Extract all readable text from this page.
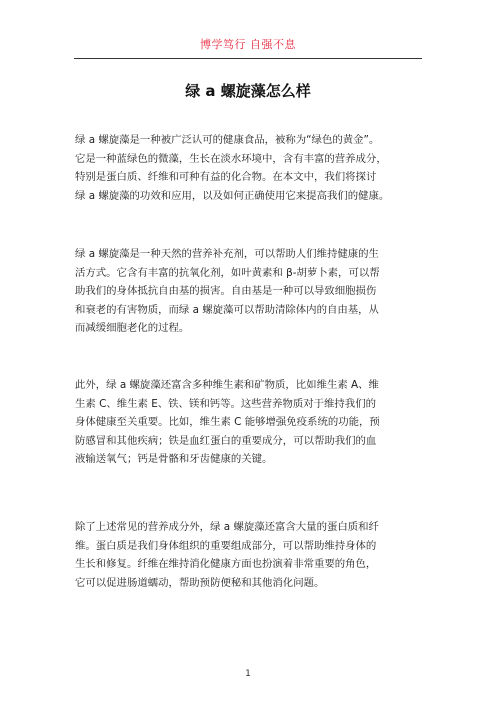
博学笃行 自强不息
绿 a 螺旋藻怎么样
绿 a 螺旋藻是一种被广泛认可的健康食品，被称为“绿色的黄金”。
它是一种蓝绿色的微藻，生长在淡水环境中，含有丰富的营养成分，
特别是蛋白质、纤维和可种有益的化合物。在本文中，我们将探讨
绿 a 螺旋藻的功效和应用，以及如何正确使用它来提高我们的健康。
绿 a 螺旋藻是一种天然的营养补充剂，可以帮助人们维持健康的生
活方式。它含有丰富的抗氧化剂，如叶黄素和 β-胡萝卜素，可以帮
助我们的身体抵抗自由基的损害。自由基是一种可以导致细胞损伤
和衰老的有害物质，而绿 a 螺旋藻可以帮助清除体内的自由基，从
而减缓细胞老化的过程。
此外，绿 a 螺旋藻还富含多种维生素和矿物质，比如维生素 A、维
生素 C、维生素 E、铁、镁和钙等。这些营养物质对于维持我们的
身体健康至关重要。比如，维生素 C 能够增强免疫系统的功能，预
防感冒和其他疾病；铁是血红蛋白的重要成分，可以帮助我们的血
液输送氧气；钙是骨骼和牙齿健康的关键。
除了上述常见的营养成分外，绿 a 螺旋藻还富含大量的蛋白质和纤
维。蛋白质是我们身体组织的重要组成部分，可以帮助维持身体的
生长和修复。纤维在维持消化健康方面也扮演着非常重要的角色，
它可以促进肠道蠕动，帮助预防便秘和其他消化问题。
1
